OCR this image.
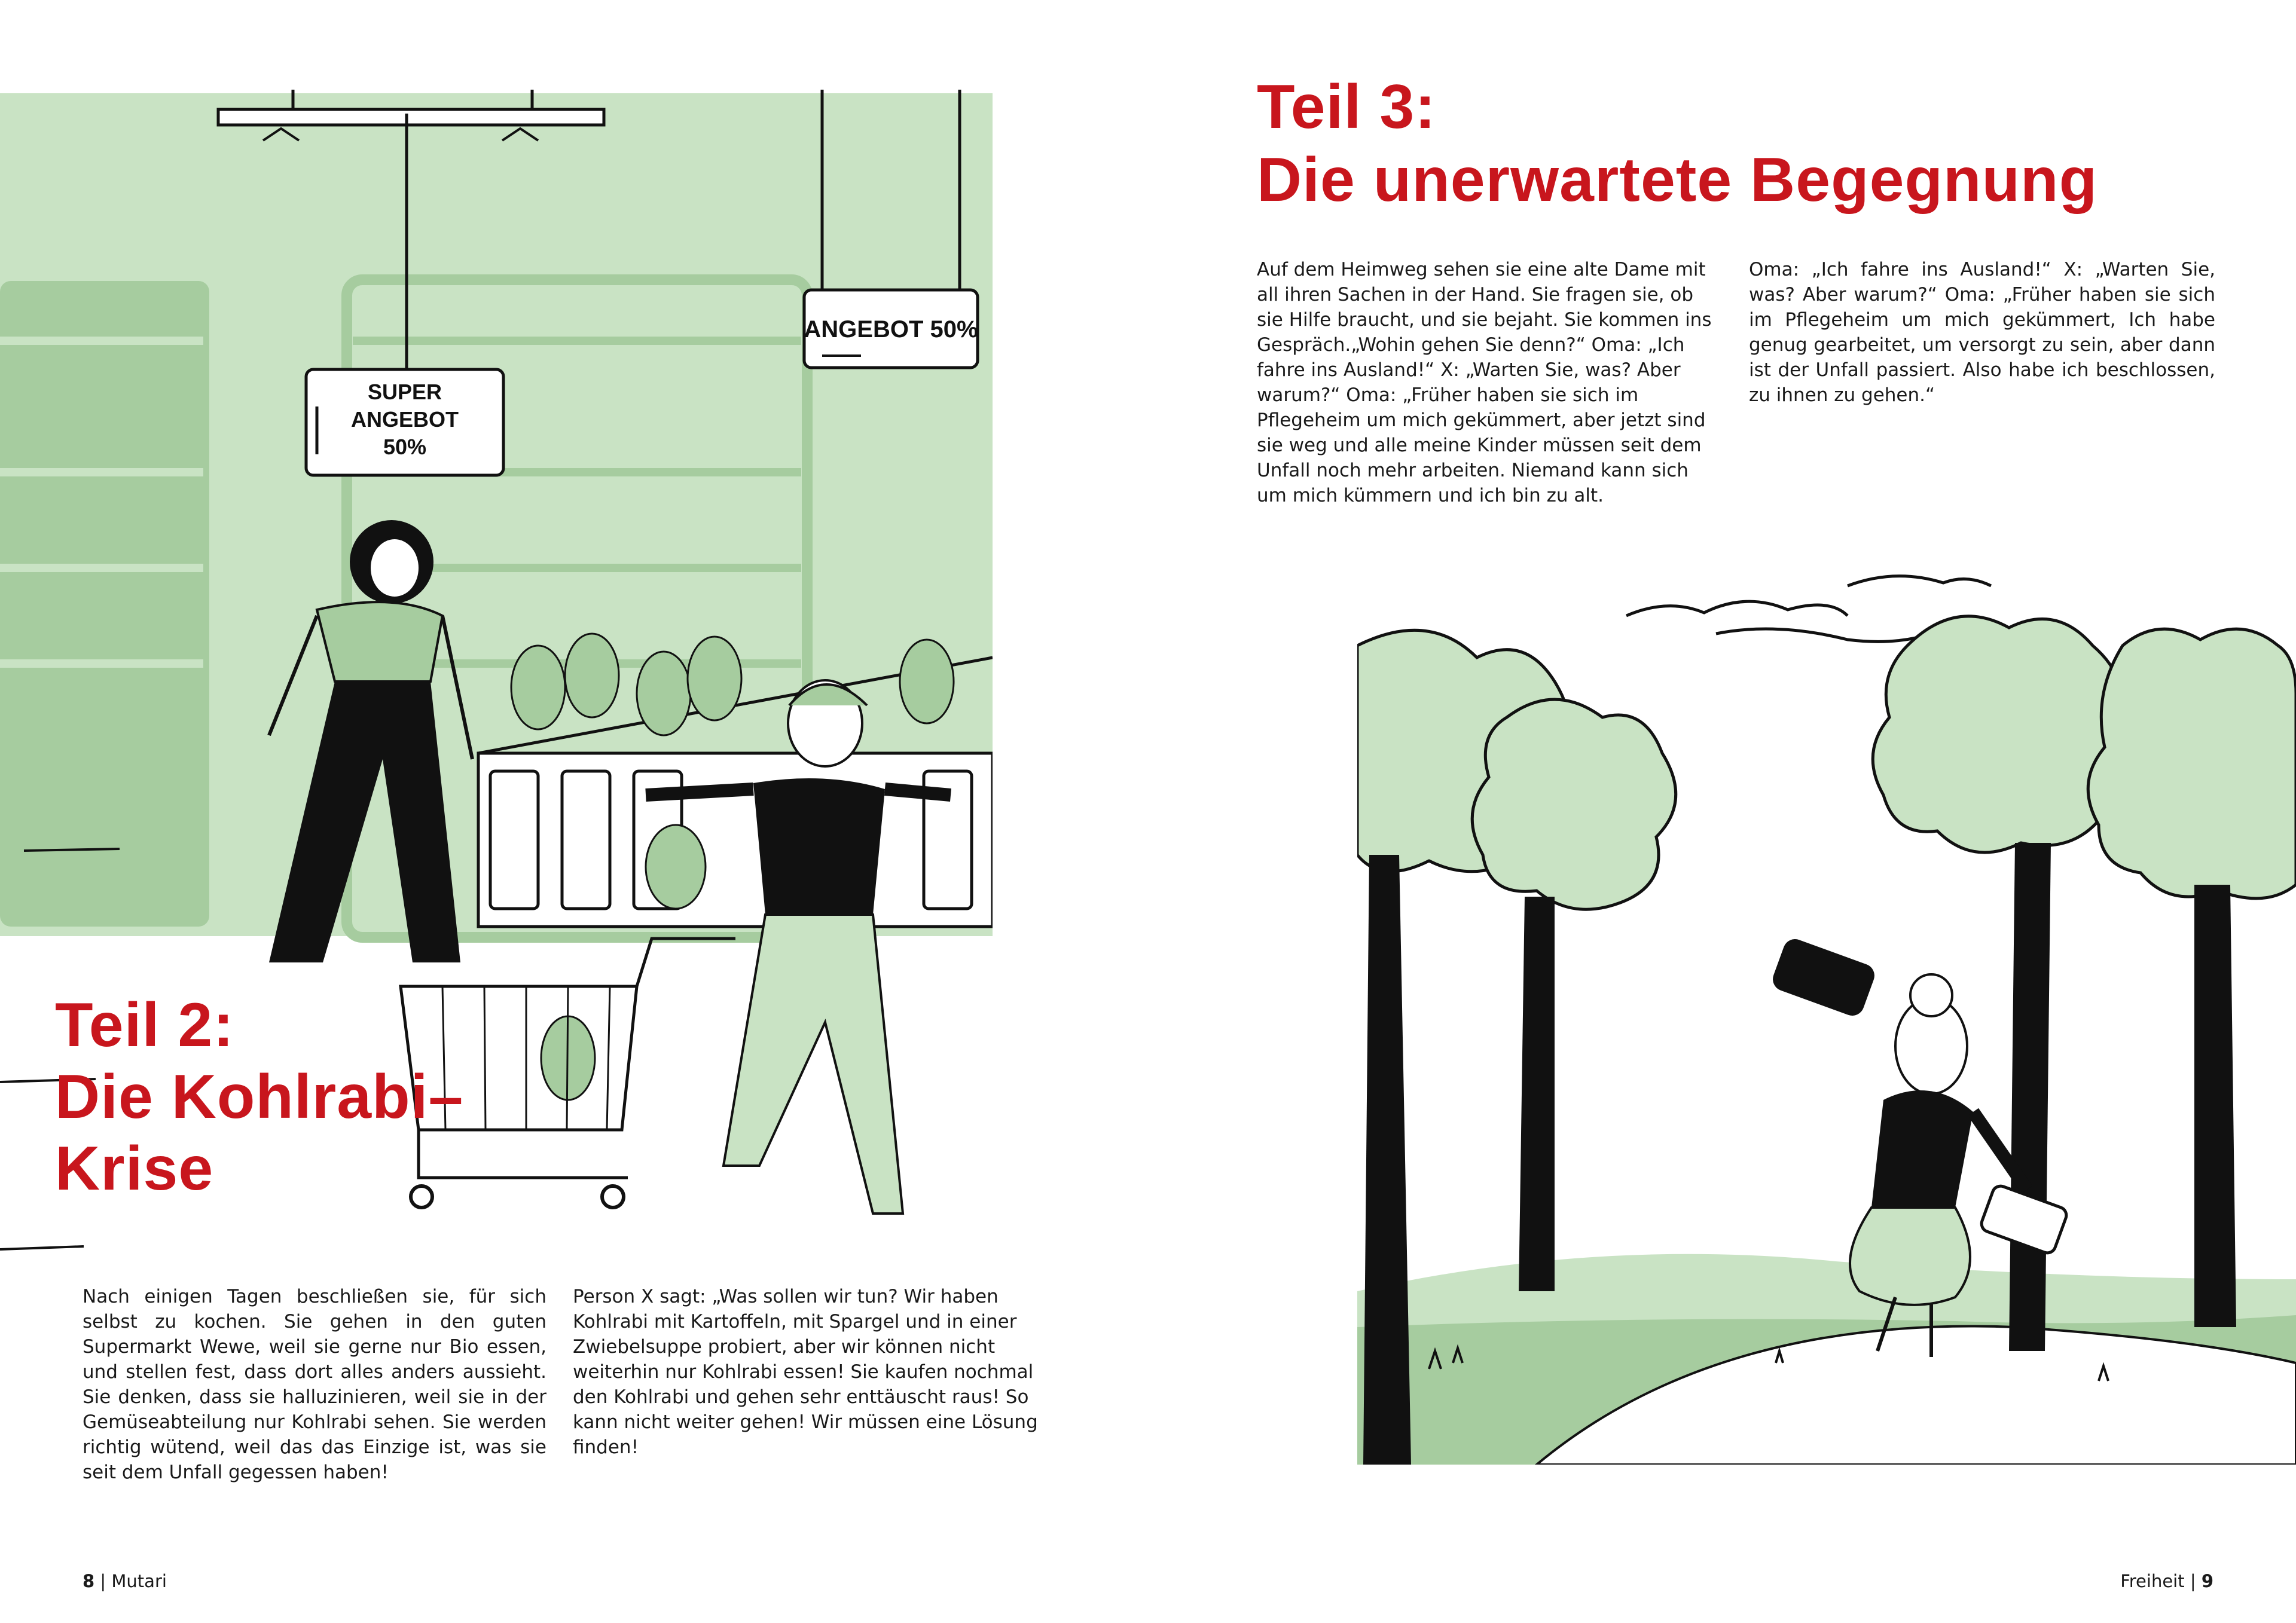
SUPER
ANGEBOT
50%
ANGEBOT 50%
Teil 2:
Die Kohlrabi–
Krise

Nach einigen Tagen beschließen sie, für sich selbst zu kochen. Sie gehen in den guten Supermarkt Wewe, weil sie gerne nur Bio essen, und stellen fest, dass dort alles anders aussieht. Sie denken, dass sie halluzinieren, weil sie in der Gemüseabteilung nur Kohlrabi sehen. Sie werden richtig wütend, weil das das Einzige ist, was sie seit dem Unfall gegessen haben!

Person X sagt: „Was sollen wir tun? Wir haben Kohlrabi mit Kartoffeln, mit Spargel und in einer Zwiebelsuppe probiert, aber wir können nicht weiterhin nur Kohlrabi essen! Sie kaufen nochmal den Kohlrabi und gehen sehr enttäuscht raus! So kann nicht weiter gehen! Wir müssen eine Lösung finden!

8 | Mutari
Teil 3:
Die unerwartete Begegnung

Auf dem Heimweg sehen sie eine alte Dame mit all ihren Sachen in der Hand. Sie fragen sie, ob sie Hilfe braucht, und sie bejaht. Sie kommen ins Gespräch.„Wohin gehen Sie denn?“ Oma: „Ich fahre ins Ausland!“ X: „Warten Sie, was? Aber warum?“ Oma: „Früher haben sie sich im Pflegeheim um mich gekümmert, aber jetzt sind sie weg und alle meine Kinder müssen seit dem Unfall noch mehr arbeiten. Niemand kann sich um mich kümmern und ich bin zu alt.

Oma: „Ich fahre ins Ausland!“ X: „Warten Sie, was? Aber warum?“ Oma: „Früher haben sie sich im Pflegeheim um mich gekümmert, Ich habe genug gearbeitet, um versorgt zu sein, aber dann ist der Unfall passiert. Also habe ich beschlossen, zu ihnen zu gehen.“

Freiheit | 9
